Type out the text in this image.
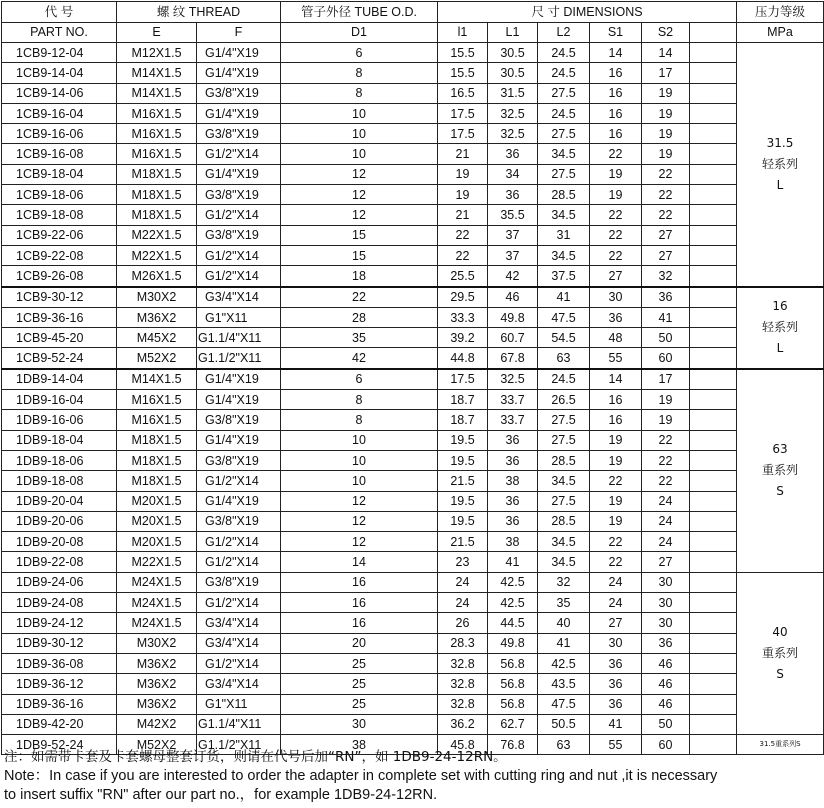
代 号	螺 纹 THREAD		管子外径 TUBE O.D.	尺 寸 DIMENSIONS						压力等级
PART NO.	E	F	D1	l1	L1	L2	S1	S2		MPa
1CB9-12-04	M12X1.5	G1/4"X19	6	15.5	30.5	24.5	14	14		31.5
轻系列
L

1CB9-14-04	M14X1.5	G1/4"X19	8	15.5	30.5	24.5	16	17		
1CB9-14-06	M14X1.5	G3/8"X19	8	16.5	31.5	27.5	16	19		
1CB9-16-04	M16X1.5	G1/4"X19	10	17.5	32.5	24.5	16	19		
1CB9-16-06	M16X1.5	G3/8"X19	10	17.5	32.5	27.5	16	19		
1CB9-16-08	M16X1.5	G1/2"X14	10	21	36	34.5	22	19		
1CB9-18-04	M18X1.5	G1/4"X19	12	19	34	27.5	19	22		
1CB9-18-06	M18X1.5	G3/8"X19	12	19	36	28.5	19	22		
1CB9-18-08	M18X1.5	G1/2"X14	12	21	35.5	34.5	22	22		
1CB9-22-06	M22X1.5	G3/8"X19	15	22	37	31	22	27		
1CB9-22-08	M22X1.5	G1/2"X14	15	22	37	34.5	22	27		
1CB9-26-08	M26X1.5	G1/2"X14	18	25.5	42	37.5	27	32		
1CB9-30-12	M30X2	G3/4"X14	22	29.5	46	41	30	36		16
轻系列
L

1CB9-36-16	M36X2	G1"X11	28	33.3	49.8	47.5	36	41		
1CB9-45-20	M45X2	G1.1/4"X11	35	39.2	60.7	54.5	48	50		
1CB9-52-24	M52X2	G1.1/2"X11	42	44.8	67.8	63	55	60		
1DB9-14-04	M14X1.5	G1/4"X19	6	17.5	32.5	24.5	14	17		63
重系列
S

1DB9-16-04	M16X1.5	G1/4"X19	8	18.7	33.7	26.5	16	19		
1DB9-16-06	M16X1.5	G3/8"X19	8	18.7	33.7	27.5	16	19		
1DB9-18-04	M18X1.5	G1/4"X19	10	19.5	36	27.5	19	22		
1DB9-18-06	M18X1.5	G3/8"X19	10	19.5	36	28.5	19	22		
1DB9-18-08	M18X1.5	G1/2"X14	10	21.5	38	34.5	22	22		
1DB9-20-04	M20X1.5	G1/4"X19	12	19.5	36	27.5	19	24		
1DB9-20-06	M20X1.5	G3/8"X19	12	19.5	36	28.5	19	24		
1DB9-20-08	M20X1.5	G1/2"X14	12	21.5	38	34.5	22	24		
1DB9-22-08	M22X1.5	G1/2"X14	14	23	41	34.5	22	27		
1DB9-24-06	M24X1.5	G3/8"X19	16	24	42.5	32	24	30		40
重系列
S

1DB9-24-08	M24X1.5	G1/2"X14	16	24	42.5	35	24	30		
1DB9-24-12	M24X1.5	G3/4"X14	16	26	44.5	40	27	30		
1DB9-30-12	M30X2	G3/4"X14	20	28.3	49.8	41	30	36		
1DB9-36-08	M36X2	G1/2"X14	25	32.8	56.8	42.5	36	46		
1DB9-36-12	M36X2	G3/4"X14	25	32.8	56.8	43.5	36	46		
1DB9-36-16	M36X2	G1"X11	25	32.8	56.8	47.5	36	46		
1DB9-42-20	M42X2	G1.1/4"X11	30	36.2	62.7	50.5	41	50		
1DB9-52-24	M52X2	G1.1/2"X11	38	45.8	76.8	63	55	60		31.5重系列S
注：如需带卡套及卡套螺母整套订货，则请在代号后加“RN”，如 1DB9-24-12RN。
Note：In case if you are interested to order the adapter in complete set with cutting ring and nut ,it is necessary
to insert suffix "RN" after our part no.，for example 1DB9-24-12RN.
